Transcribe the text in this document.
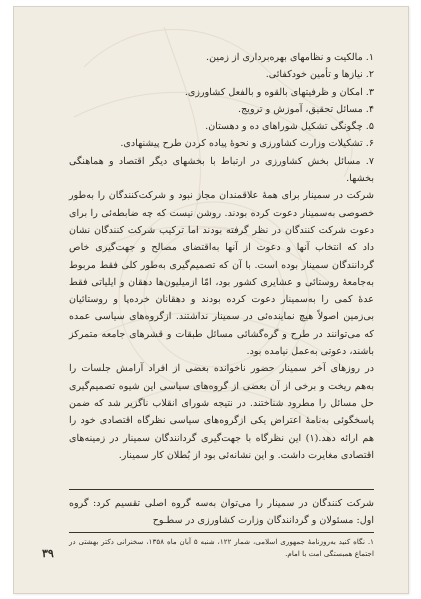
۱. مالکیت و نظامهای بهره‌برداری از زمین.
۲. نیازها و تأمین خودکفائی.
۳. امکان و ظرفیتهای بالقوه و بالفعل کشاورزی.
۴. مسائل تحقیق، آموزش و ترویج.
۵. چگونگی تشکیل شوراهای ده و دهستان.
۶. تشکیلات وزارت کشاورزی و نحوهٔ پیاده کردن طرح پیشنهادی.
۷. مسائل بخش کشاورزی در ارتباط با بخشهای دیگر اقتصاد و هماهنگی بخشها.

شرکت در سمینار برای همهٔ علاقمندان مجاز نبود و شرکت‌کنندگان را به‌طور خصوصی به‌سمینار دعوت کرده بودند. روشن نیست که چه ضابطه‌ئی را برای دعوت شرکت کنندگان در نظر گرفته بودند اما ترکیب شرکت کنندگان نشان داد که انتخاب آنها و دعوت از آنها به‌اقتضای مصالح و جهت‌گیری خاص گردانندگان سمینار بوده است. با آن که تصمیم‌گیری به‌طور کلی فقط مربوط به‌جامعهٔ روستائی و عشایری کشور بود، امّا ازمیلیون‌ها دهقان و ایلیاتی فقط عدهٔ کمی را به‌سمینار دعوت کرده بودند و دهقانان خرده‌پا و روستائیان بی‌زمین اصولاً هیچ نماینده‌ئی در سمینار نداشتند. ازگروه‌های سیاسی عمده که می‌توانند در طرح و گره‌گشائی مسائل طبقات و قشرهای جامعه متمرکز باشند، دعوتی به‌عمل نیامده بود.

در روزهای آخر سمینار حضور ناخوانده بعضی از افراد آرامش جلسات را به‌هم ریخت و برخی از آن بعضی از گروه‌های سیاسی این شیوه تصمیم‌گیری حل مسائل را مطرود شناختند. در نتیجه شورای انقلاب ناگزیر شد که ضمن پاسخگوئی به‌نامهٔ اعتراض یکی ازگروه‌های سیاسی نظرگاه اقتصادی خود را هم ارائه دهد.(۱) این نظرگاه با جهت‌گیری گردانندگان سمینار در زمینه‌های اقتصادی مغایرت داشت. و این نشانه‌ئی بود از بُطلان کار سمینار.

شرکت کنندگان در سمینار را می‌توان به‌سه گروه اصلی تقسیم کرد: گروه اول: مسئولان و گردانندگان وزارت کشاورزی در سطـوح

۱. نگاه کنید به‌روزنامهٔ جمهوری اسلامی، شمار ۱۲۲، شنبه ۵ آبان ماه ۱۳۵۸، سخنرانی دکتر بهشتی در اجتماع همبستگی امت با امام.

۳۹
